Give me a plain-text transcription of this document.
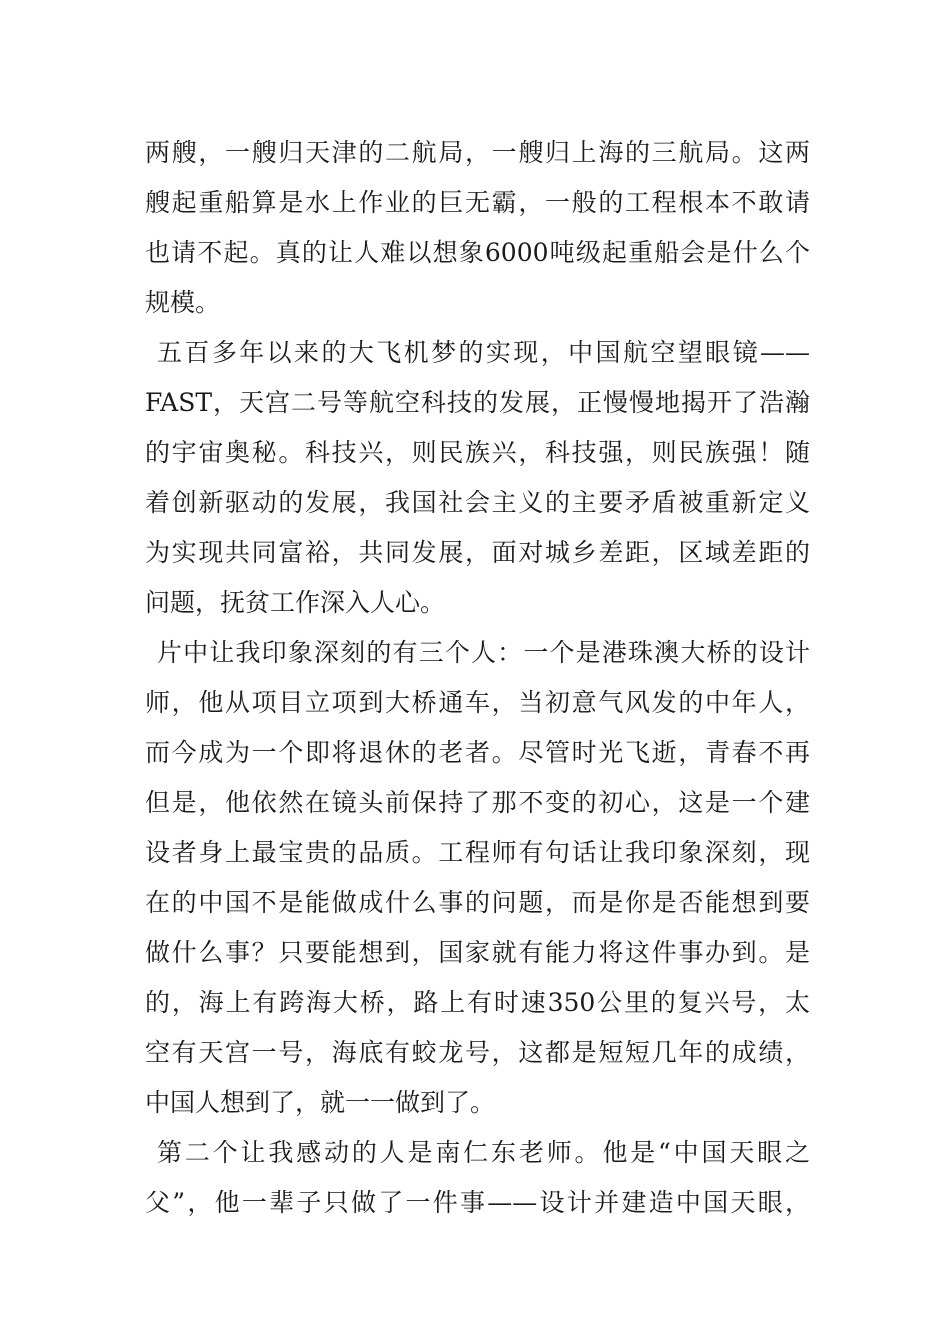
两艘，一艘归天津的二航局，一艘归上海的三航局。这两
艘起重船算是水上作业的巨无霸，一般的工程根本不敢请
也请不起。真的让人难以想象6000吨级起重船会是什么个
规模。
五百多年以来的大飞机梦的实现，中国航空望眼镜——
FAST，天宫二号等航空科技的发展，正慢慢地揭开了浩瀚
的宇宙奥秘。科技兴，则民族兴，科技强，则民族强！随
着创新驱动的发展，我国社会主义的主要矛盾被重新定义
为实现共同富裕，共同发展，面对城乡差距，区域差距的
问题，抚贫工作深入人心。
片中让我印象深刻的有三个人：一个是港珠澳大桥的设计
师，他从项目立项到大桥通车，当初意气风发的中年人，
而今成为一个即将退休的老者。尽管时光飞逝，青春不再
但是，他依然在镜头前保持了那不变的初心，这是一个建
设者身上最宝贵的品质。工程师有句话让我印象深刻，现
在的中国不是能做成什么事的问题，而是你是否能想到要
做什么事？只要能想到，国家就有能力将这件事办到。是
的，海上有跨海大桥，路上有时速350公里的复兴号，太
空有天宫一号，海底有蛟龙号，这都是短短几年的成绩，
中国人想到了，就一一做到了。
第二个让我感动的人是南仁东老师。他是“中国天眼之
父”，他一辈子只做了一件事——设计并建造中国天眼，
